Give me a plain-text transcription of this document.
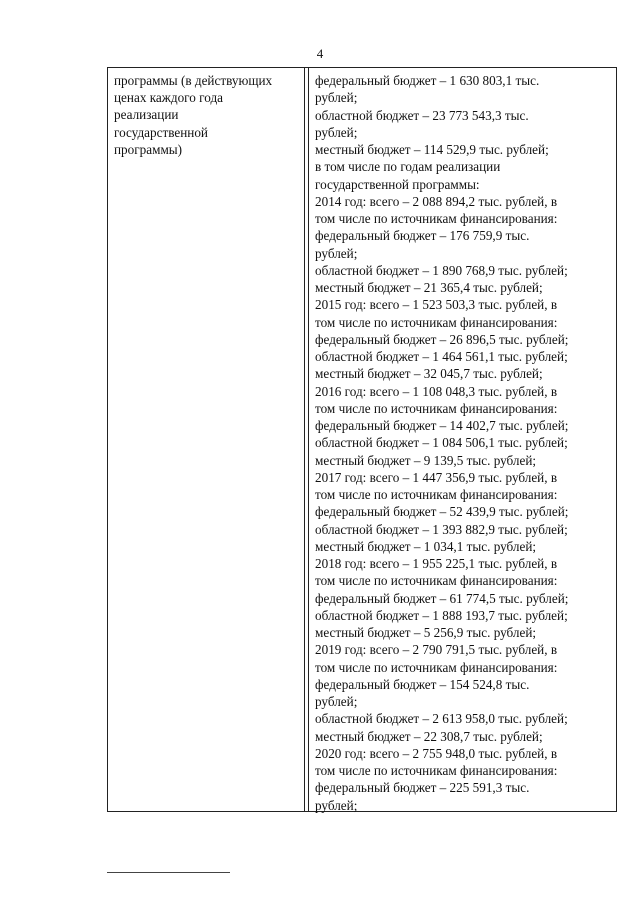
4
программы (в действующих
ценах каждого года
реализации
государственной
программы)
федеральный бюджет – 1 630 803,1 тыс.
рублей;
областной бюджет – 23 773 543,3 тыс.
рублей;
местный бюджет – 114 529,9 тыс. рублей;
в том числе по годам реализации
государственной программы:
2014 год: всего – 2 088 894,2 тыс. рублей, в
том числе по источникам финансирования:
федеральный бюджет – 176 759,9 тыс.
рублей;
областной бюджет – 1 890 768,9 тыс. рублей;
местный бюджет – 21 365,4 тыс. рублей;
2015 год: всего – 1 523 503,3 тыс. рублей, в
том числе по источникам финансирования:
федеральный бюджет – 26 896,5 тыс. рублей;
областной бюджет – 1 464 561,1 тыс. рублей;
местный бюджет – 32 045,7 тыс. рублей;
2016 год: всего – 1 108 048,3 тыс. рублей, в
том числе по источникам финансирования:
федеральный бюджет – 14 402,7 тыс. рублей;
областной бюджет – 1 084 506,1 тыс. рублей;
местный бюджет – 9 139,5 тыс. рублей;
2017 год: всего – 1 447 356,9 тыс. рублей, в
том числе по источникам финансирования:
федеральный бюджет – 52 439,9 тыс. рублей;
областной бюджет – 1 393 882,9 тыс. рублей;
местный бюджет – 1 034,1 тыс. рублей;
2018 год: всего – 1 955 225,1 тыс. рублей, в
том числе по источникам финансирования:
федеральный бюджет – 61 774,5 тыс. рублей;
областной бюджет – 1 888 193,7 тыс. рублей;
местный бюджет – 5 256,9 тыс. рублей;
2019 год: всего – 2 790 791,5 тыс. рублей, в
том числе по источникам финансирования:
федеральный бюджет – 154 524,8 тыс.
рублей;
областной бюджет – 2 613 958,0 тыс. рублей;
местный бюджет – 22 308,7 тыс. рублей;
2020 год: всего – 2 755 948,0 тыс. рублей, в
том числе по источникам финансирования:
федеральный бюджет – 225 591,3 тыс.
рублей;
